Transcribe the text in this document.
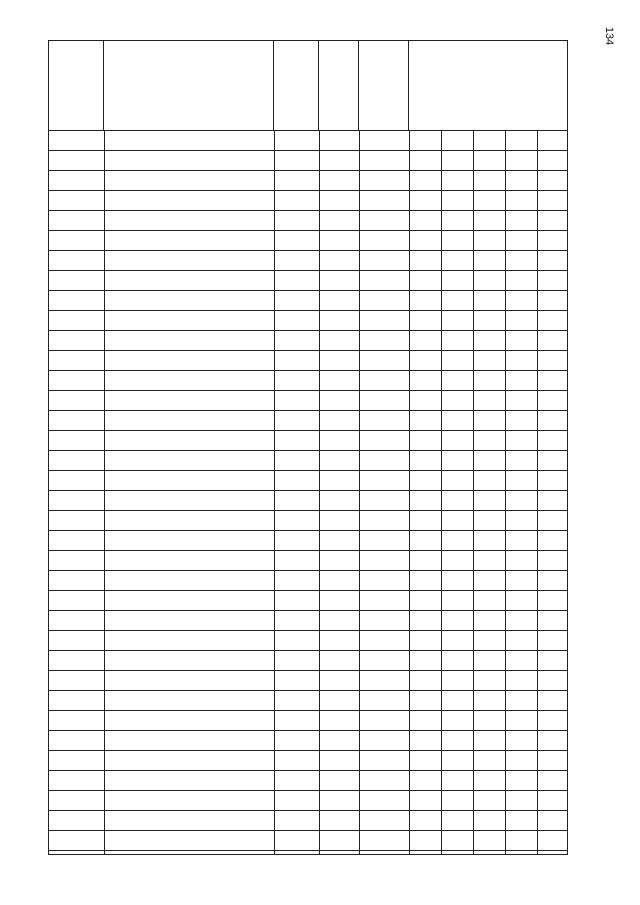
134
